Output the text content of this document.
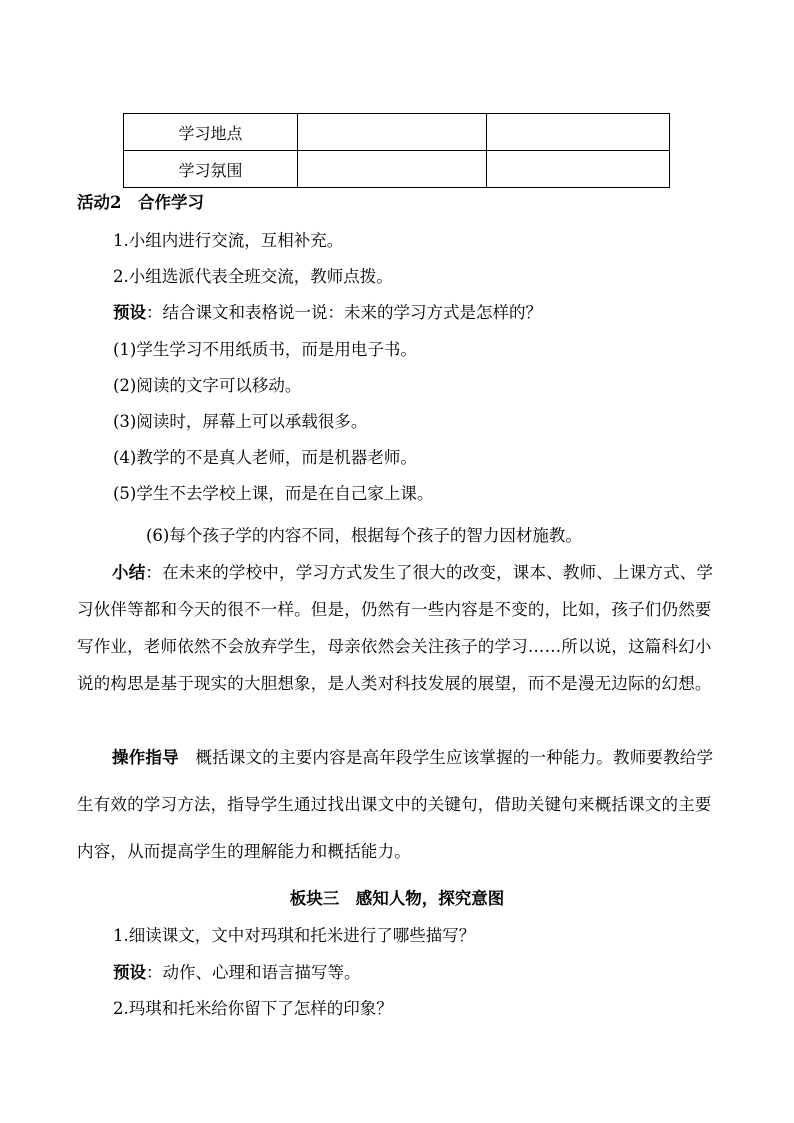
学习地点		
学习氛围		
活动2　合作学习
1.小组内进行交流，互相补充。
2.小组选派代表全班交流，教师点拨。
预设：结合课文和表格说一说：未来的学习方式是怎样的？
(1)学生学习不用纸质书，而是用电子书。
(2)阅读的文字可以移动。
(3)阅读时，屏幕上可以承载很多。
(4)教学的不是真人老师，而是机器老师。
(5)学生不去学校上课，而是在自己家上课。
(6)每个孩子学的内容不同，根据每个孩子的智力因材施教。
小结：在未来的学校中，学习方式发生了很大的改变，课本、教师、上课方式、学习伙伴等都和今天的很不一样。但是，仍然有一些内容是不变的，比如，孩子们仍然要写作业，老师依然不会放弃学生，母亲依然会关注孩子的学习……所以说，这篇科幻小说的构思是基于现实的大胆想象，是人类对科技发展的展望，而不是漫无边际的幻想。
操作指导　概括课文的主要内容是高年段学生应该掌握的一种能力。教师要教给学生有效的学习方法，指导学生通过找出课文中的关键句，借助关键句来概括课文的主要内容，从而提高学生的理解能力和概括能力。
板块三　感知人物，探究意图
1.细读课文，文中对玛琪和托米进行了哪些描写？
预设：动作、心理和语言描写等。
2.玛琪和托米给你留下了怎样的印象？
